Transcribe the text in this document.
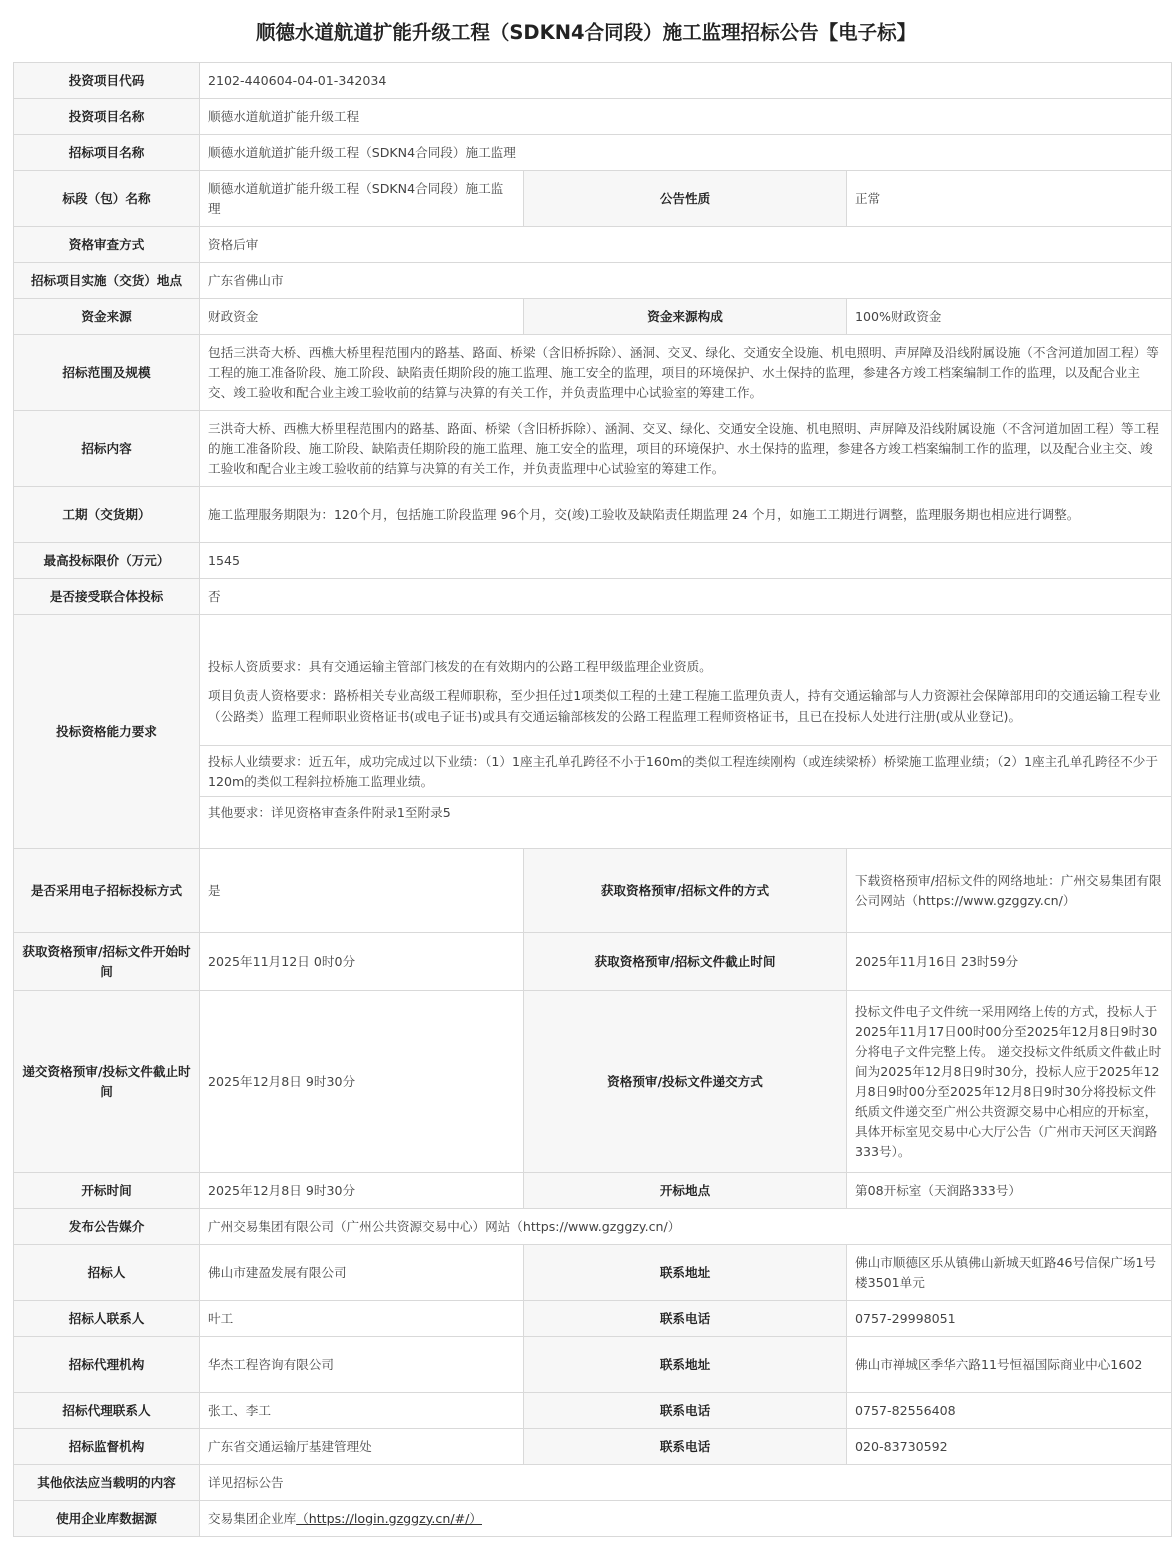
顺德水道航道扩能升级工程（SDKN4合同段）施工监理招标公告【电子标】
投资项目代码	2102-440604-04-01-342034		
投资项目名称	顺德水道航道扩能升级工程		
招标项目名称	顺德水道航道扩能升级工程（SDKN4合同段）施工监理		
标段（包）名称	顺德水道航道扩能升级工程（SDKN4合同段）施工监理	公告性质	正常
资格审查方式	资格后审		
招标项目实施（交货）地点	广东省佛山市		
资金来源	财政资金	资金来源构成	100%财政资金
招标范围及规模	包括三洪奇大桥、西樵大桥里程范围内的路基、路面、桥梁（含旧桥拆除）、涵洞、交叉、绿化、交通安全设施、机电照明、声屏障及沿线附属设施（不含河道加固工程）等工程的施工准备阶段、施工阶段、缺陷责任期阶段的施工监理、施工安全的监理，项目的环境保护、水土保持的监理，参建各方竣工档案编制工作的监理，以及配合业主交、竣工验收和配合业主竣工验收前的结算与决算的有关工作，并负责监理中心试验室的筹建工作。		
招标内容	三洪奇大桥、西樵大桥里程范围内的路基、路面、桥梁（含旧桥拆除）、涵洞、交叉、绿化、交通安全设施、机电照明、声屏障及沿线附属设施（不含河道加固工程）等工程的施工准备阶段、施工阶段、缺陷责任期阶段的施工监理、施工安全的监理，项目的环境保护、水土保持的监理，参建各方竣工档案编制工作的监理，以及配合业主交、竣工验收和配合业主竣工验收前的结算与决算的有关工作，并负责监理中心试验室的筹建工作。		
工期（交货期）	施工监理服务期限为：120个月，包括施工阶段监理 96个月，交(竣)工验收及缺陷责任期监理 24 个月，如施工工期进行调整，监理服务期也相应进行调整。		
最高投标限价（万元）	1545		
是否接受联合体投标	否		
投标资格能力要求	投标人资质要求：具有交通运输主管部门核发的在有效期内的公路工程甲级监理企业资质。
项目负责人资格要求：路桥相关专业高级工程师职称，至少担任过1项类似工程的土建工程施工监理负责人，持有交通运输部与人力资源社会保障部用印的交通运输工程专业（公路类）监理工程师职业资格证书(或电子证书)或具有交通运输部核发的公路工程监理工程师资格证书，且已在投标人处进行注册(或从业登记)。
投标人业绩要求：近五年，成功完成过以下业绩：（1）1座主孔单孔跨径不小于160m的类似工程连续刚构（或连续梁桥）桥梁施工监理业绩；（2）1座主孔单孔跨径不少于120m的类似工程斜拉桥施工监理业绩。
其他要求：详见资格审查条件附录1至附录5		

是否采用电子招标投标方式	是	获取资格预审/招标文件的方式	下载资格预审/招标文件的网络地址：广州交易集团有限公司网站（https://www.gzggzy.cn/）
获取资格预审/招标文件开始时间	2025年11月12日 0时0分	获取资格预审/招标文件截止时间	2025年11月16日 23时59分
递交资格预审/投标文件截止时间	2025年12月8日 9时30分	资格预审/投标文件递交方式	投标文件电子文件统一采用网络上传的方式，投标人于2025年11月17日00时00分至2025年12月8日9时30分将电子文件完整上传。 递交投标文件纸质文件截止时间为2025年12月8日9时30分，投标人应于2025年12月8日9时00分至2025年12月8日9时30分将投标文件纸质文件递交至广州公共资源交易中心相应的开标室，具体开标室见交易中心大厅公告（广州市天河区天润路333号）。
开标时间	2025年12月8日 9时30分	开标地点	第08开标室（天润路333号）
发布公告媒介	广州交易集团有限公司（广州公共资源交易中心）网站（https://www.gzggzy.cn/）		
招标人	佛山市建盈发展有限公司	联系地址	佛山市顺德区乐从镇佛山新城天虹路46号信保广场1号楼3501单元
招标人联系人	叶工	联系电话	0757-29998051
招标代理机构	华杰工程咨询有限公司	联系地址	佛山市禅城区季华六路11号恒福国际商业中心1602
招标代理联系人	张工、李工	联系电话	0757-82556408
招标监督机构	广东省交通运输厅基建管理处	联系电话	020-83730592
其他依法应当载明的内容	详见招标公告		
使用企业库数据源	交易集团企业库（https://login.gzggzy.cn/#/）		
